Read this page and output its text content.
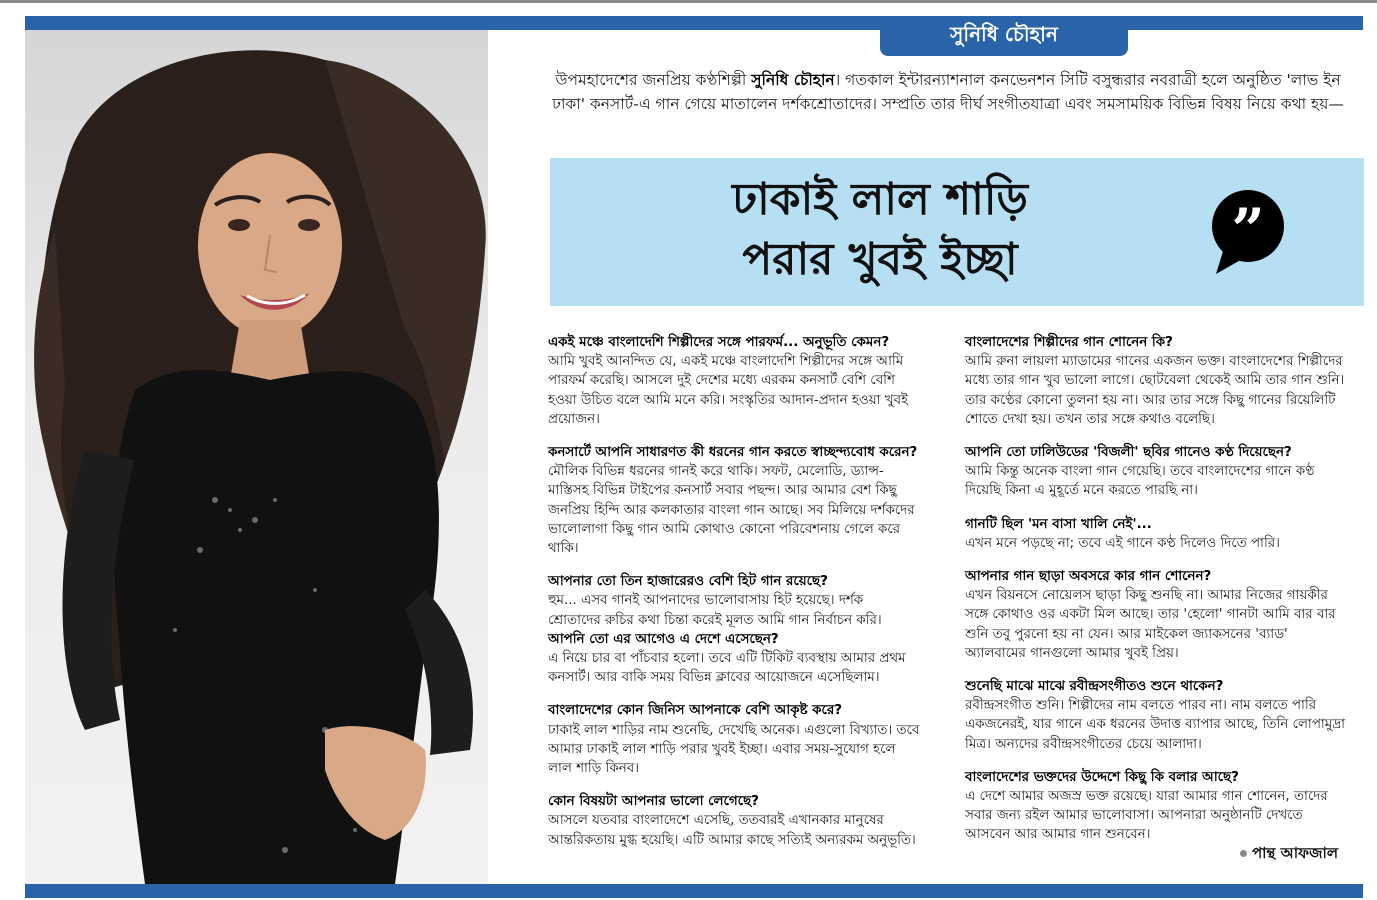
সুনিধি চৌহান
উপমহাদেশের জনপ্রিয় কণ্ঠশিল্পী সুনিধি চৌহান। গতকাল ইন্টারন্যাশনাল কনভেনশন সিটি বসুন্ধরার নবরাত্রী হলে অনুষ্ঠিত 'লাভ ইন ঢাকা' কনসার্ট-এ গান গেয়ে মাতালেন দর্শকশ্রোতাদের। সম্প্রতি তার দীর্ঘ সংগীতযাত্রা এবং সমসাময়িক বিভিন্ন বিষয় নিয়ে কথা হয়—
ঢাকাই লাল শাড়ি
পরার খুবই ইচ্ছা	”
একই মঞ্চে বাংলাদেশি শিল্পীদের সঙ্গে পারফর্ম... অনুভূতি কেমন?

আমি খুবই আনন্দিত যে, একই মঞ্চে বাংলাদেশি শিল্পীদের সঙ্গে আমি পারফর্ম করেছি। আসলে দুই দেশের মধ্যে এরকম কনসার্ট বেশি বেশি হওয়া উচিত বলে আমি মনে করি। সংস্কৃতির আদান-প্রদান হওয়া খুবই প্রয়োজন।

কনসার্টে আপনি সাধারণত কী ধরনের গান করতে স্বাচ্ছন্দ্যবোধ করেন?

মৌলিক বিভিন্ন ধরনের গানই করে থাকি। সফট, মেলোডি, ড্যান্স-মাস্তিসহ বিভিন্ন টাইপের কনসার্ট সবার পছন্দ। আর আমার বেশ কিছু জনপ্রিয় হিন্দি আর কলকাতার বাংলা গান আছে। সব মিলিয়ে দর্শকদের ভালোলাগা কিছু গান আমি কোথাও কোনো পরিবেশনায় গেলে করে থাকি।

আপনার তো তিন হাজারেরও বেশি হিট গান রয়েছে?

হুম... এসব গানই আপনাদের ভালোবাসায় হিট হয়েছে। দর্শক শ্রোতাদের রুচির কথা চিন্তা করেই মূলত আমি গান নির্বাচন করি।

আপনি তো এর আগেও এ দেশে এসেছেন?

এ নিয়ে চার বা পাঁচবার হলো। তবে এটি টিকিট ব্যবস্থায় আমার প্রথম কনসার্ট। আর বাকি সময় বিভিন্ন ক্লাবের আয়োজনে এসেছিলাম।

বাংলাদেশের কোন জিনিস আপনাকে বেশি আকৃষ্ট করে?

ঢাকাই লাল শাড়ির নাম শুনেছি, দেখেছি অনেক। এগুলো বিখ্যাত। তবে আমার ঢাকাই লাল শাড়ি পরার খুবই ইচ্ছা। এবার সময়-সুযোগ হলে লাল শাড়ি কিনব।

কোন বিষয়টা আপনার ভালো লেগেছে?

আসলে যতবার বাংলাদেশে এসেছি, ততবারই এখানকার মানুষের আন্তরিকতায় মুগ্ধ হয়েছি। এটি আমার কাছে সত্যিই অন্যরকম অনুভূতি।

বাংলাদেশের শিল্পীদের গান শোনেন কি?

আমি রুনা লায়লা ম্যাডামের গানের একজন ভক্ত। বাংলাদেশের শিল্পীদের মধ্যে তার গান খুব ভালো লাগে। ছোটবেলা থেকেই আমি তার গান শুনি। তার কণ্ঠের কোনো তুলনা হয় না। আর তার সঙ্গে কিছু গানের রিয়েলিটি শোতে দেখা হয়। তখন তার সঙ্গে কথাও বলেছি।

আপনি তো ঢালিউডের 'বিজলী' ছবির গানেও কণ্ঠ দিয়েছেন?

আমি কিন্তু অনেক বাংলা গান গেয়েছি। তবে বাংলাদেশের গানে কণ্ঠ দিয়েছি কিনা এ মুহূর্তে মনে করতে পারছি না।

গানটি ছিল 'মন বাসা খালি নেই'...

এখন মনে পড়ছে না; তবে এই গানে কণ্ঠ দিলেও দিতে পারি।

আপনার গান ছাড়া অবসরে কার গান শোনেন?

এখন বিয়নসে নোয়েলস ছাড়া কিছু শুনছি না। আমার নিজের গায়কীর সঙ্গে কোথাও ওর একটা মিল আছে। তার 'হেলো' গানটা আমি বার বার শুনি তবু পুরনো হয় না যেন। আর মাইকেল জ্যাকসনের 'ব্যাড' অ্যালবামের গানগুলো আমার খুবই প্রিয়।

শুনেছি মাঝে মাঝে রবীন্দ্রসংগীতও শুনে থাকেন?

রবীন্দ্রসংগীত শুনি। শিল্পীদের নাম বলতে পারব না। নাম বলতে পারি একজনেরই, যার গানে এক ধরনের উদাত্ত ব্যাপার আছে, তিনি লোপামুদ্রা মিত্র। অন্যদের রবীন্দ্রসংগীতের চেয়ে আলাদা।

বাংলাদেশের ভক্তদের উদ্দেশে কিছু কি বলার আছে?

এ দেশে আমার অজস্র ভক্ত রয়েছে। যারা আমার গান শোনেন, তাদের সবার জন্য রইল আমার ভালোবাসা। আপনারা অনুষ্ঠানটি দেখতে আসবেন আর আমার গান শুনবেন।

পান্থ আফজাল
